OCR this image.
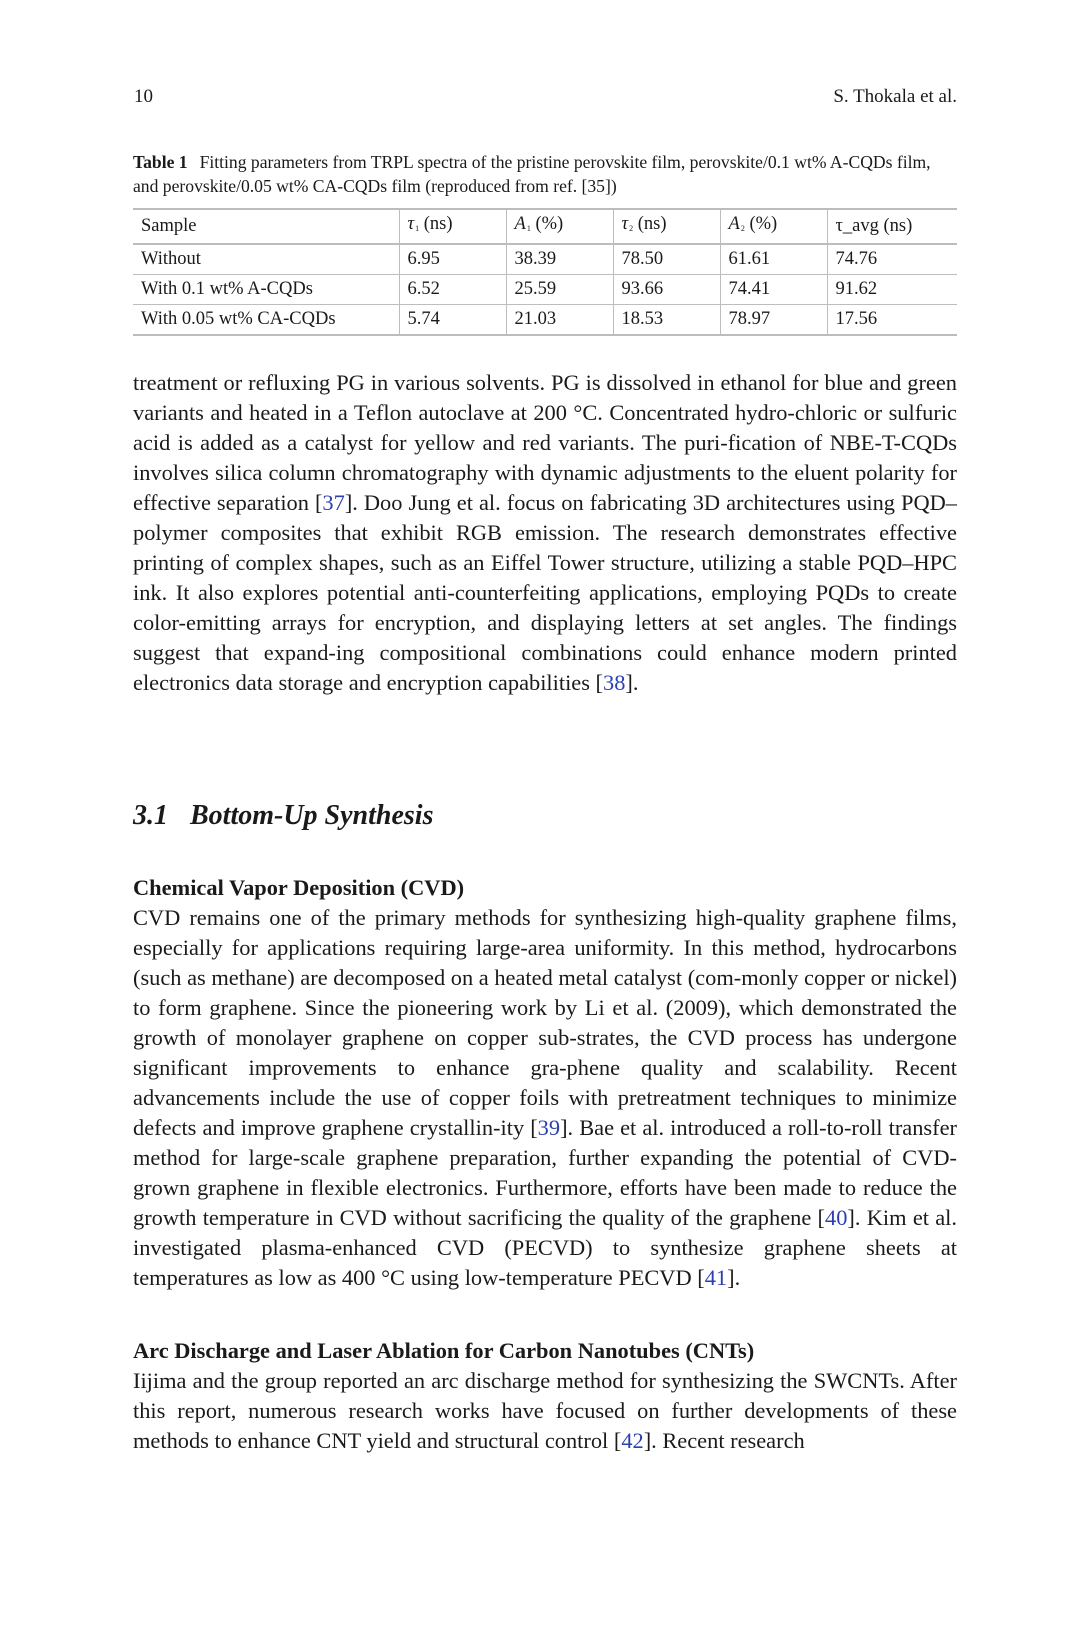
10	S. Thokala et al.
Table 1 Fitting parameters from TRPL spectra of the pristine perovskite film, perovskite/0.1 wt% A-CQDs film, and perovskite/0.05 wt% CA-CQDs film (reproduced from ref. [35])
Sample	$\tau_1$ (ns)	$A_1$ (%)	$\tau_2$ (ns)	$A_2$ (%)	τ_avg (ns)
Without	6.95	38.39	78.50	61.61	74.76
With 0.1 wt% A-CQDs	6.52	25.59	93.66	74.41	91.62
With 0.05 wt% CA-CQDs	5.74	21.03	18.53	78.97	17.56

treatment or refluxing PG in various solvents. PG is dissolved in ethanol for blue and green variants and heated in a Teflon autoclave at 200 °C. Concentrated hydro-chloric or sulfuric acid is added as a catalyst for yellow and red variants. The puri-fication of NBE-T-CQDs involves silica column chromatography with dynamic adjustments to the eluent polarity for effective separation [37]. Doo Jung et al. focus on fabricating 3D architectures using PQD–polymer composites that exhibit RGB emission. The research demonstrates effective printing of complex shapes, such as an Eiffel Tower structure, utilizing a stable PQD–HPC ink. It also explores potential anti-counterfeiting applications, employing PQDs to create color-emitting arrays for encryption, and displaying letters at set angles. The findings suggest that expand-ing compositional combinations could enhance modern printed electronics data storage and encryption capabilities [38].

3.1 Bottom-Up Synthesis
Chemical Vapor Deposition (CVD)

CVD remains one of the primary methods for synthesizing high-quality graphene films, especially for applications requiring large-area uniformity. In this method, hydrocarbons (such as methane) are decomposed on a heated metal catalyst (com-monly copper or nickel) to form graphene. Since the pioneering work by Li et al. (2009), which demonstrated the growth of monolayer graphene on copper sub-strates, the CVD process has undergone significant improvements to enhance gra-phene quality and scalability. Recent advancements include the use of copper foils with pretreatment techniques to minimize defects and improve graphene crystallin-ity [39]. Bae et al. introduced a roll-to-roll transfer method for large-scale graphene preparation, further expanding the potential of CVD-grown graphene in flexible electronics. Furthermore, efforts have been made to reduce the growth temperature in CVD without sacrificing the quality of the graphene [40]. Kim et al. investigated plasma-enhanced CVD (PECVD) to synthesize graphene sheets at temperatures as low as 400 °C using low-temperature PECVD [41].

Arc Discharge and Laser Ablation for Carbon Nanotubes (CNTs)

Iijima and the group reported an arc discharge method for synthesizing the SWCNTs. After this report, numerous research works have focused on further developments of these methods to enhance CNT yield and structural control [42]. Recent research
